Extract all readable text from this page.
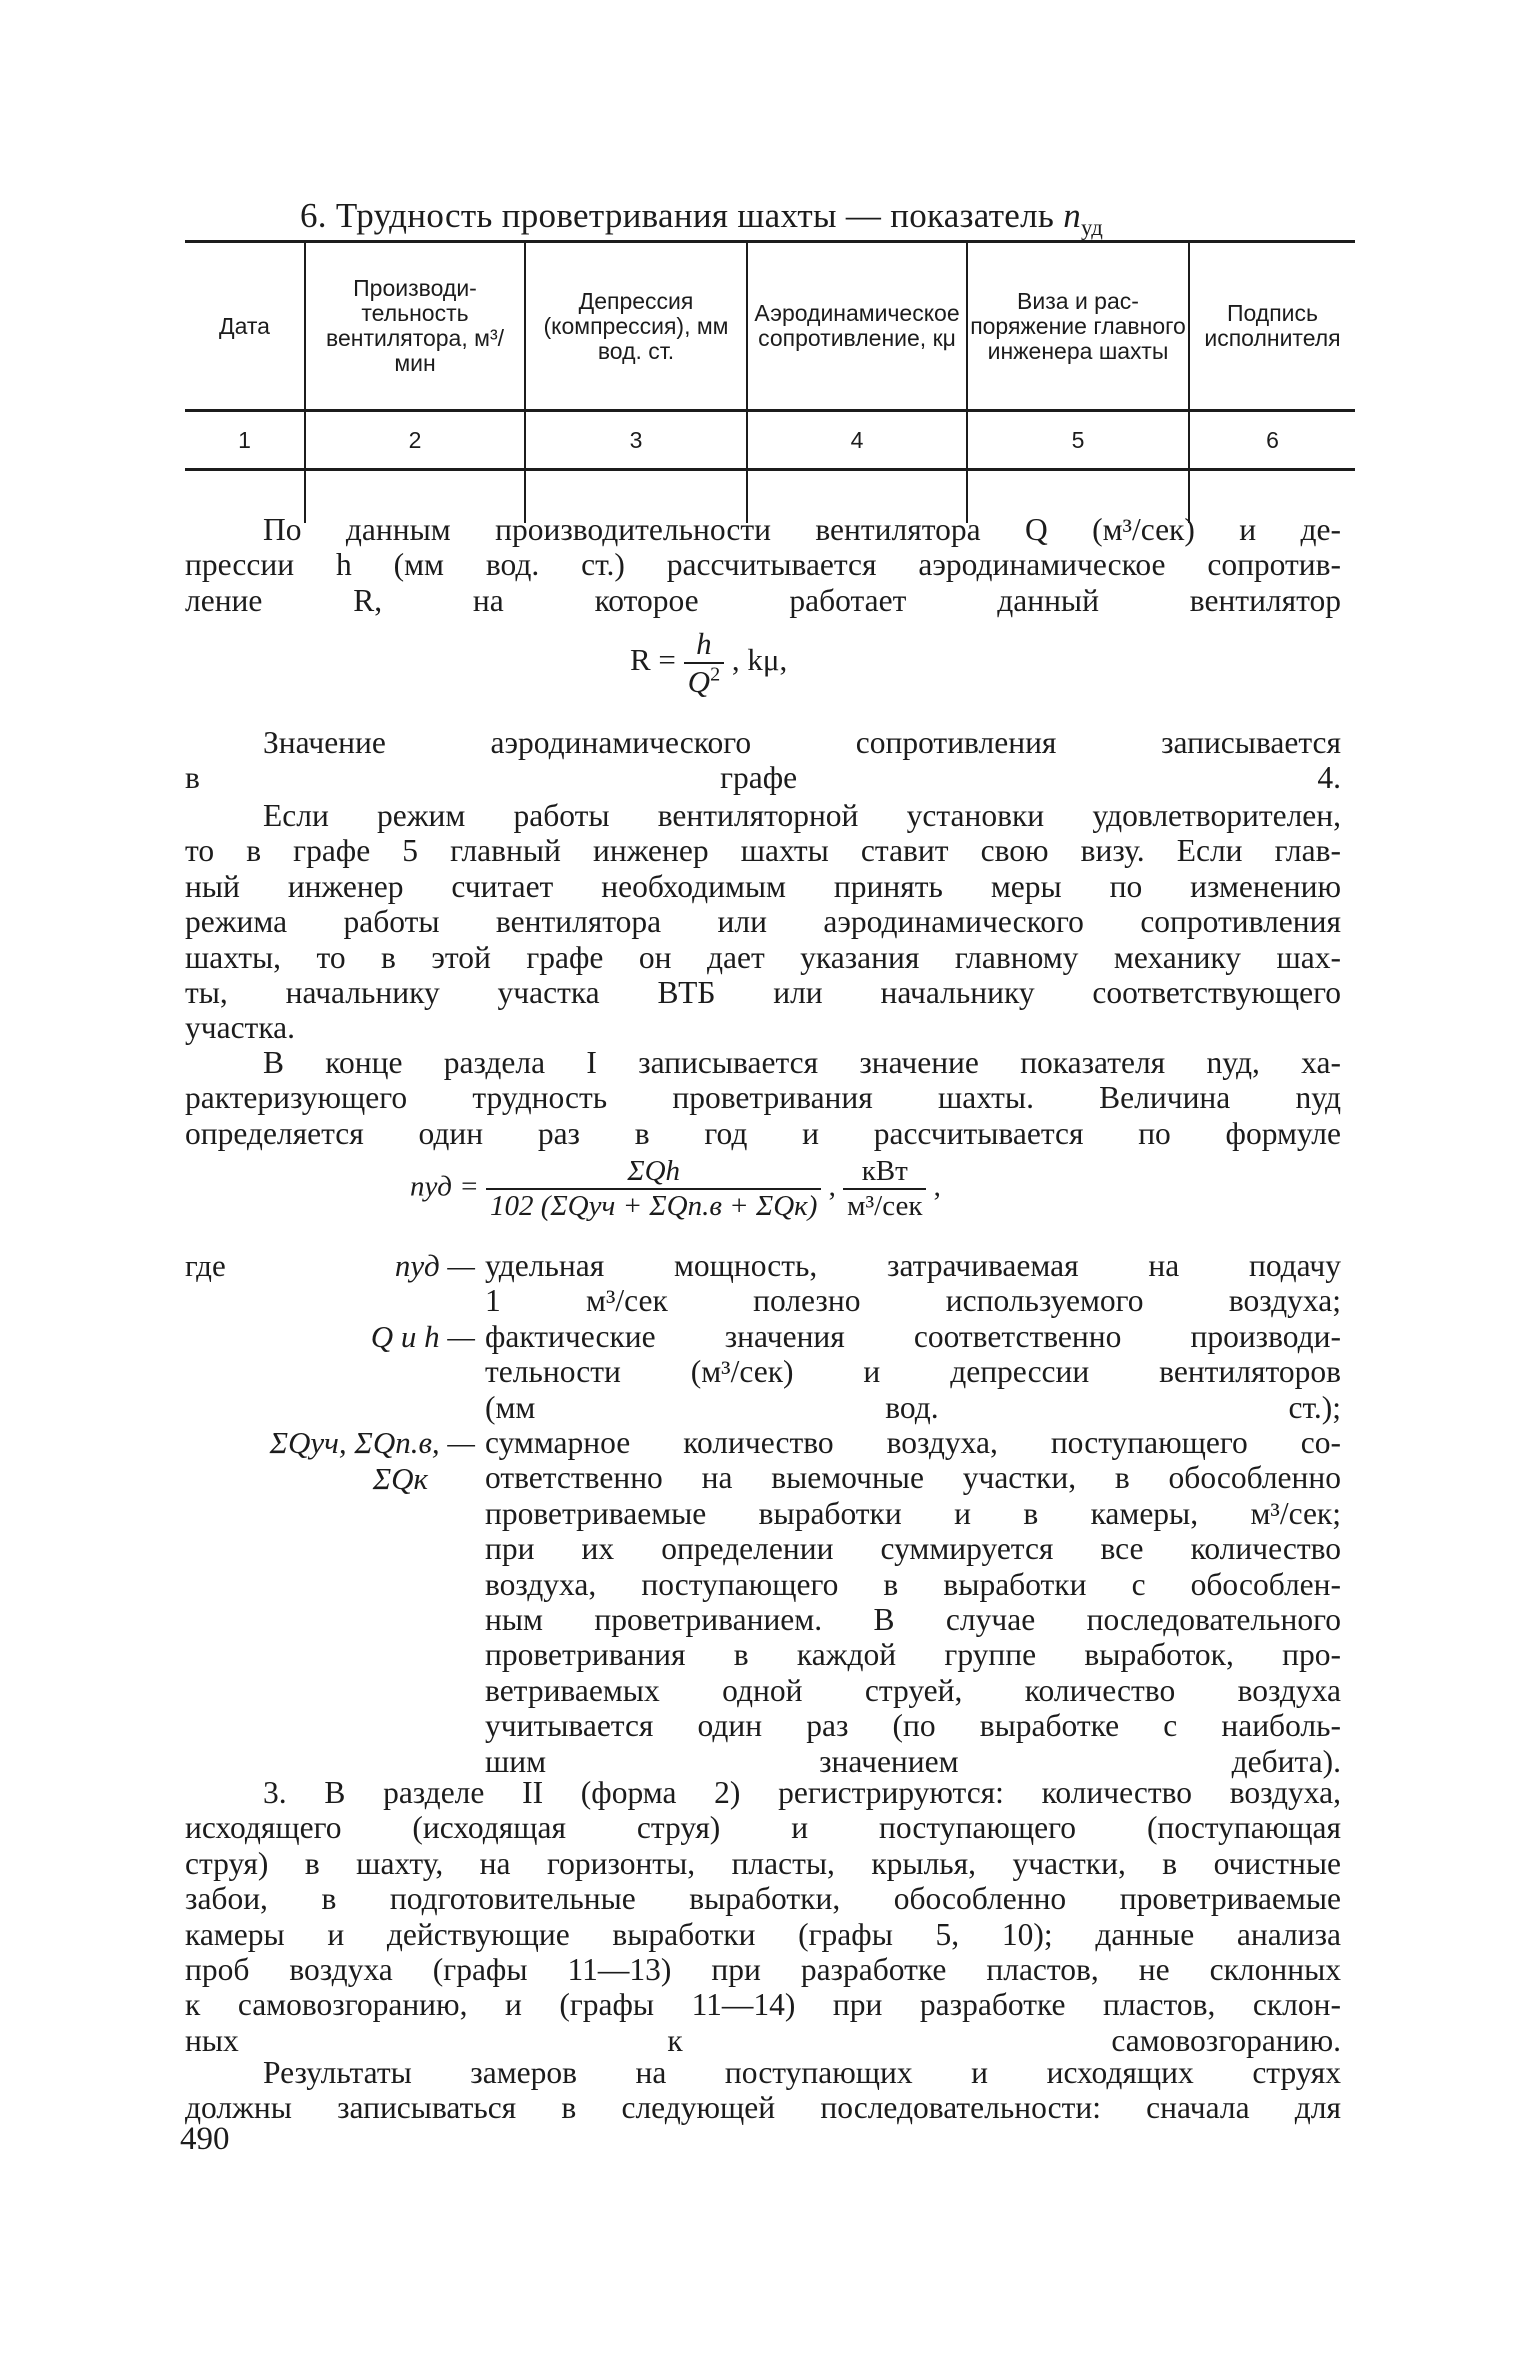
6. Трудность проветривания шахты — показатель $n_{уд}$
Дата	Производительность вентилятора, м³/мин	Депрессия (компрессия), мм вод. ст.	Аэродинамическое сопротивление, кμ	Виза и распоряжение главного инженера шахты	Подпись исполнителя
1	2	3	4	5	6

По данным производительности вентилятора Q (м³/сек) и де-
прессии h (мм вод. ст.) рассчитывается аэродинамическое сопротив-
ление R, на которое работает данный вентилятор
$R = \frac{h}{Q^2}$ , kμ,
Значение аэродинамического сопротивления записывается
в графе 4.
Если режим работы вентиляторной установки удовлетворителен,
то в графе 5 главный инженер шахты ставит свою визу. Если глав-
ный инженер считает необходимым принять меры по изменению
режима работы вентилятора или аэродинамического сопротивления
шахты, то в этой графе он дает указания главному механику шах-
ты, начальнику участка ВТБ или начальнику соответствующего
участка.
В конце раздела I записывается значение показателя nуд, ха-
рактеризующего трудность проветривания шахты. Величина nуд
определяется один раз в год и рассчитывается по формуле
nуд = $\frac{\text{ΣQh}}{\text{102 (ΣQуч + ΣQп.в + ΣQк)}}$ , $\frac{\text{кВт}}{\text{м³/сек}}$ ,
где	nуд — удельная мощность, затрачиваемая на подачу
1 м³/сек полезно используемого воздуха;
Q и h — фактические значения соответственно производи-
тельности (м³/сек) и депрессии вентиляторов
(мм вод. ст.);
ΣQуч, ΣQп.в, —
ΣQк
суммарное количество воздуха, поступающего со-
ответственно на выемочные участки, в обособленно
проветриваемые выработки и в камеры, м³/сек;
при их определении суммируется все количество
воздуха, поступающего в выработки с обособлен-
ным проветриванием. В случае последовательного
проветривания в каждой группе выработок, про-
ветриваемых одной струей, количество воздуха
учитывается один раз (по выработке с наиболь-
шим значением дебита).
3. В разделе II (форма 2) регистрируются: количество воздуха,
исходящего (исходящая струя) и поступающего (поступающая
струя) в шахту, на горизонты, пласты, крылья, участки, в очистные
забои, в подготовительные выработки, обособленно проветриваемые
камеры и действующие выработки (графы 5, 10); данные анализа
проб воздуха (графы 11—13) при разработке пластов, не склонных
к самовозгоранию, и (графы 11—14) при разработке пластов, склон-
ных к самовозгоранию.
Результаты замеров на поступающих и исходящих струях
должны записываться в следующей последовательности: сначала для
490
